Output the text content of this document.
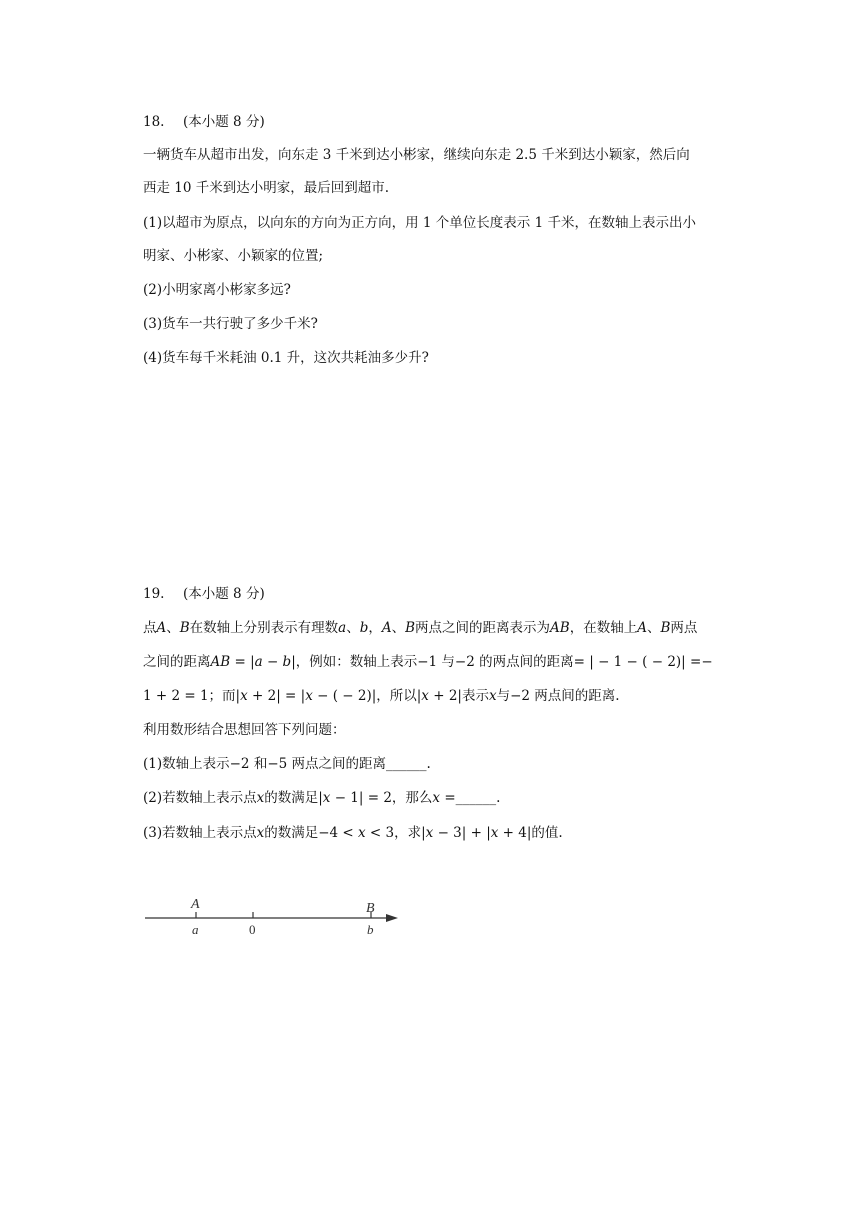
18. (本小题 8 分)
一辆货车从超市出发，向东走 3 千米到达小彬家，继续向东走 2.5 千米到达小颖家，然后向
西走 10 千米到达小明家，最后回到超市.
(1)以超市为原点，以向东的方向为正方向，用 1 个单位长度表示 1 千米，在数轴上表示出小
明家、小彬家、小颖家的位置;
(2)小明家离小彬家多远?
(3)货车一共行驶了多少千米?
(4)货车每千米耗油 0.1 升，这次共耗油多少升?
19. (本小题 8 分)
点𝐴、𝐵在数轴上分别表示有理数𝑎、𝑏，𝐴、𝐵两点之间的距离表示为𝐴𝐵，在数轴上𝐴、𝐵两点
之间的距离𝐴𝐵 = |𝑎 − 𝑏|，例如：数轴上表示−1 与−2 的两点间的距离= | − 1 − ( − 2)| =−
1 + 2 = 1；而|𝑥 + 2| = |𝑥 − ( − 2)|，所以|𝑥 + 2|表示𝑥与−2 两点间的距离.
利用数形结合思想回答下列问题：
(1)数轴上表示−2 和−5 两点之间的距离______.
(2)若数轴上表示点𝑥的数满足|𝑥 − 1| = 2，那么𝑥 =______.
(3)若数轴上表示点𝑥的数满足−4 < 𝑥 < 3，求|𝑥 − 3| + |𝑥 + 4|的值.
A	B
a	0	b
